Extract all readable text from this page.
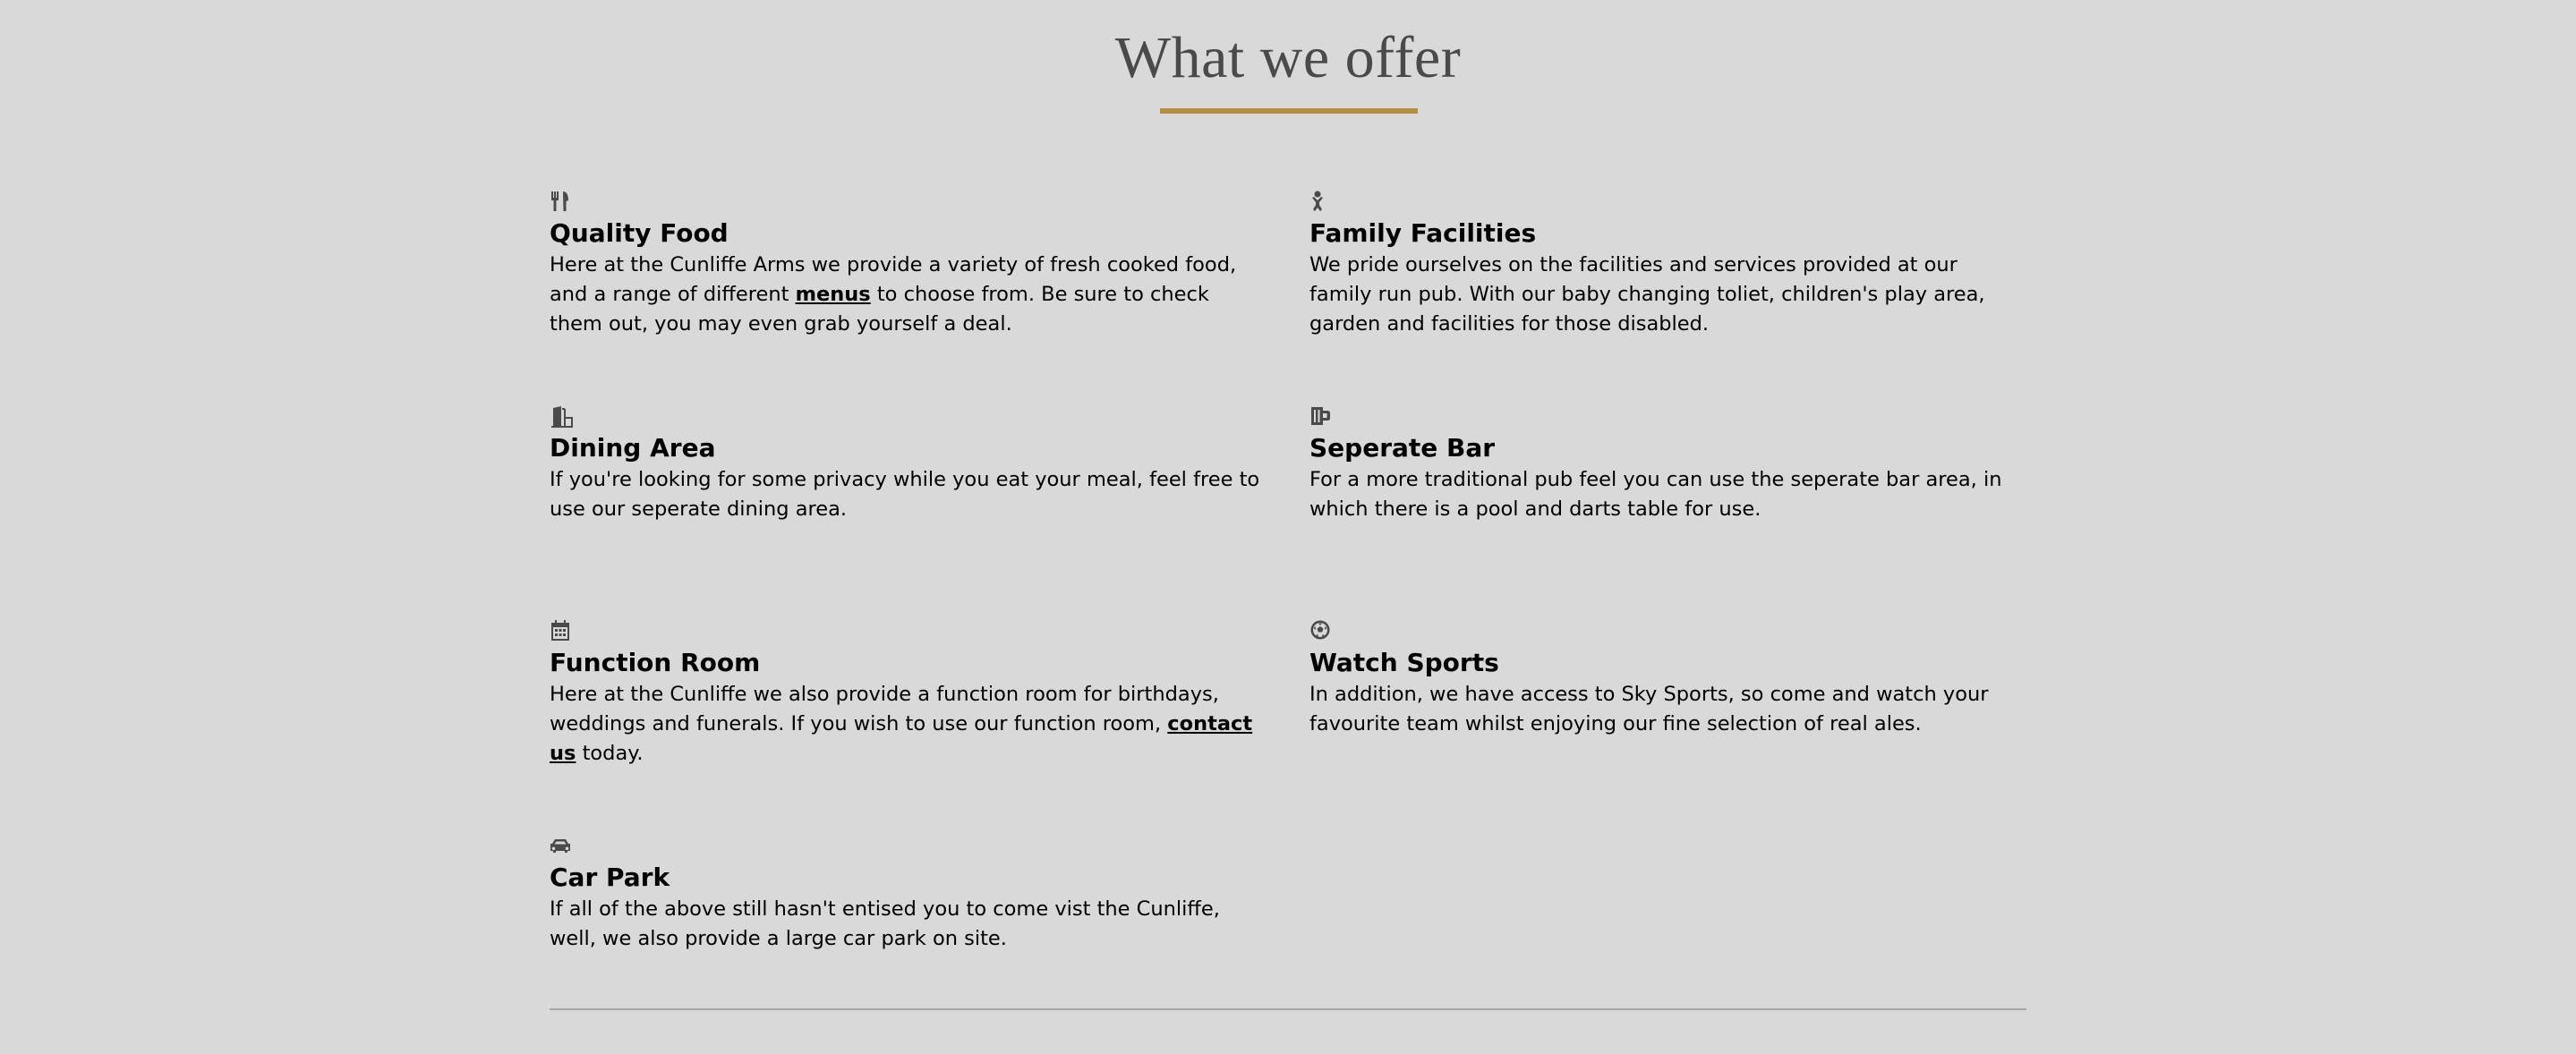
What we offer
Quality Food

Here at the Cunliffe Arms we provide a variety of fresh cooked food, and a range of different menus to choose from. Be sure to check them out, you may even grab yourself a deal.

Family Facilities

We pride ourselves on the facilities and services provided at our family run pub. With our baby changing toliet, children's play area, garden and facilities for those disabled.

Dining Area

If you're looking for some privacy while you eat your meal, feel free to use our seperate dining area.

Seperate Bar

For a more traditional pub feel you can use the seperate bar area, in which there is a pool and darts table for use.

Function Room

Here at the Cunliffe we also provide a function room for birthdays, weddings and funerals. If you wish to use our function room, contact us today.

Watch Sports

In addition, we have access to Sky Sports, so come and watch your favourite team whilst enjoying our fine selection of real ales.

Car Park

If all of the above still hasn't entised you to come vist the Cunliffe, well, we also provide a large car park on site.
